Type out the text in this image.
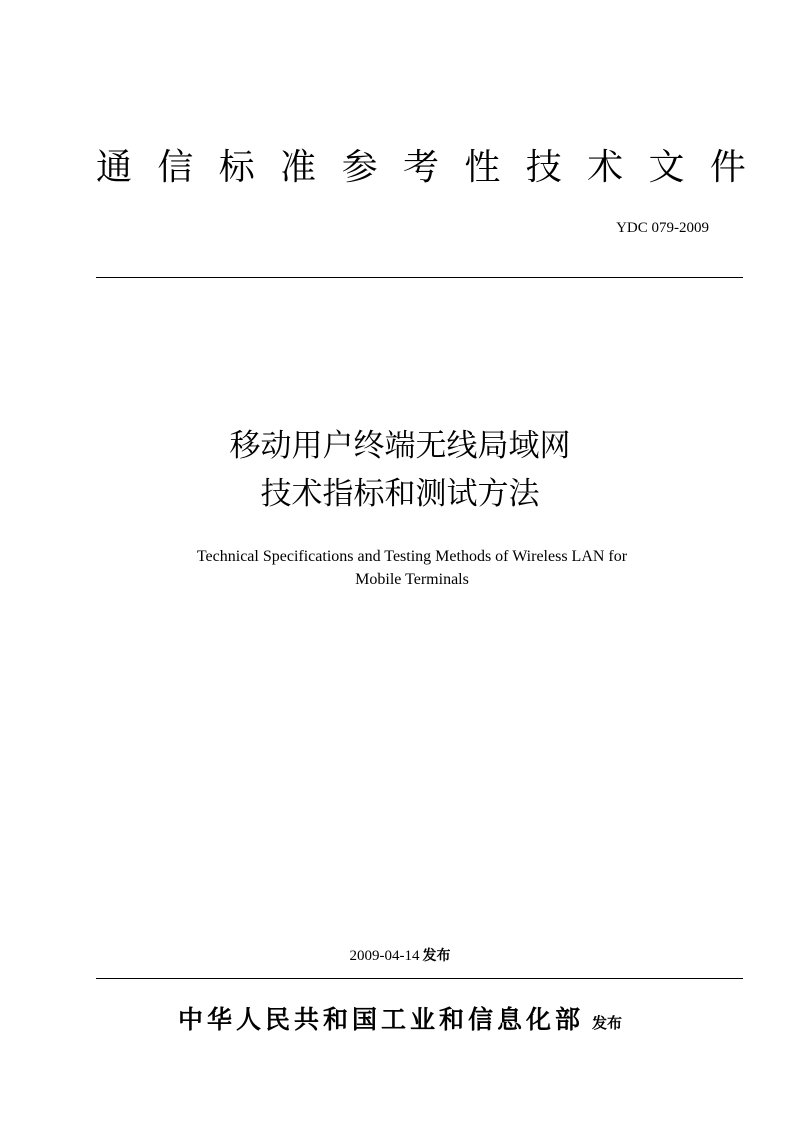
通 信 标 准 参 考 性 技 术 文 件
YDC 079-2009
移动用户终端无线局域网
技术指标和测试方法
Technical Specifications and Testing Methods of Wireless LAN for
Mobile Terminals
2009-04-14 发布
中华人民共和国工业和信息化部 发布
